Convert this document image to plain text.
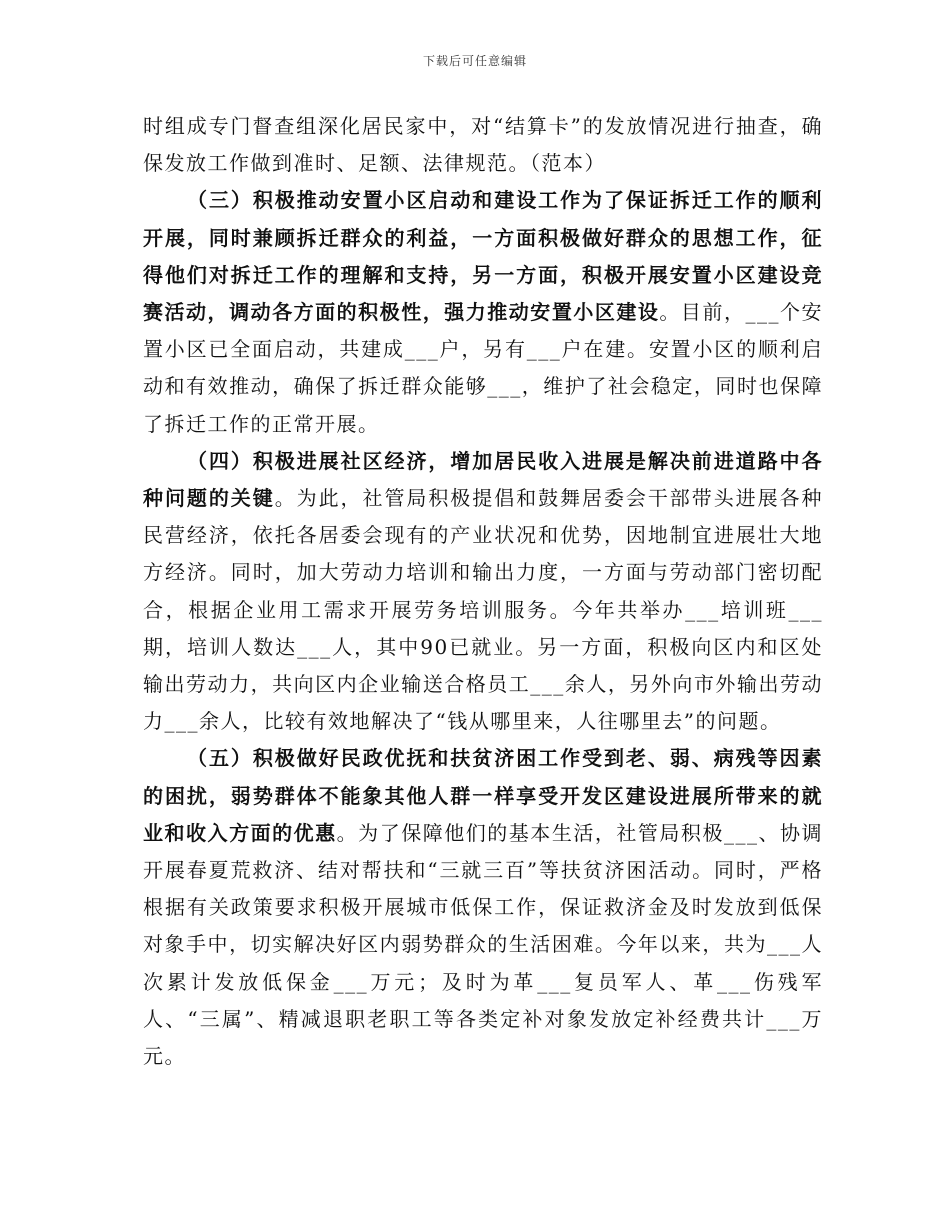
下载后可任意编辑

时组成专门督查组深化居民家中，对“结算卡”的发放情况进行抽查，确保发放工作做到准时、足额、法律规范。（范本）

（三）积极推动安置小区启动和建设工作为了保证拆迁工作的顺利开展，同时兼顾拆迁群众的利益，一方面积极做好群众的思想工作，征得他们对拆迁工作的理解和支持，另一方面，积极开展安置小区建设竞赛活动，调动各方面的积极性，强力推动安置小区建设。目前，___个安置小区已全面启动，共建成___户，另有___户在建。安置小区的顺利启动和有效推动，确保了拆迁群众能够___，维护了社会稳定，同时也保障了拆迁工作的正常开展。

（四）积极进展社区经济，增加居民收入进展是解决前进道路中各种问题的关键。为此，社管局积极提倡和鼓舞居委会干部带头进展各种民营经济，依托各居委会现有的产业状况和优势，因地制宜进展壮大地方经济。同时，加大劳动力培训和输出力度，一方面与劳动部门密切配合，根据企业用工需求开展劳务培训服务。今年共举办___培训班___期，培训人数达___人，其中90已就业。另一方面，积极向区内和区处输出劳动力，共向区内企业输送合格员工___余人，另外向市外输出劳动力___余人，比较有效地解决了“钱从哪里来，人往哪里去”的问题。

（五）积极做好民政优抚和扶贫济困工作受到老、弱、病残等因素的困扰，弱势群体不能象其他人群一样享受开发区建设进展所带来的就业和收入方面的优惠。为了保障他们的基本生活，社管局积极___、协调开展春夏荒救济、结对帮扶和“三就三百”等扶贫济困活动。同时，严格根据有关政策要求积极开展城市低保工作，保证救济金及时发放到低保对象手中，切实解决好区内弱势群众的生活困难。今年以来，共为___人次累计发放低保金___万元；及时为革___复员军人、革___伤残军人、“三属”、精减退职老职工等各类定补对象发放定补经费共计___万元。
